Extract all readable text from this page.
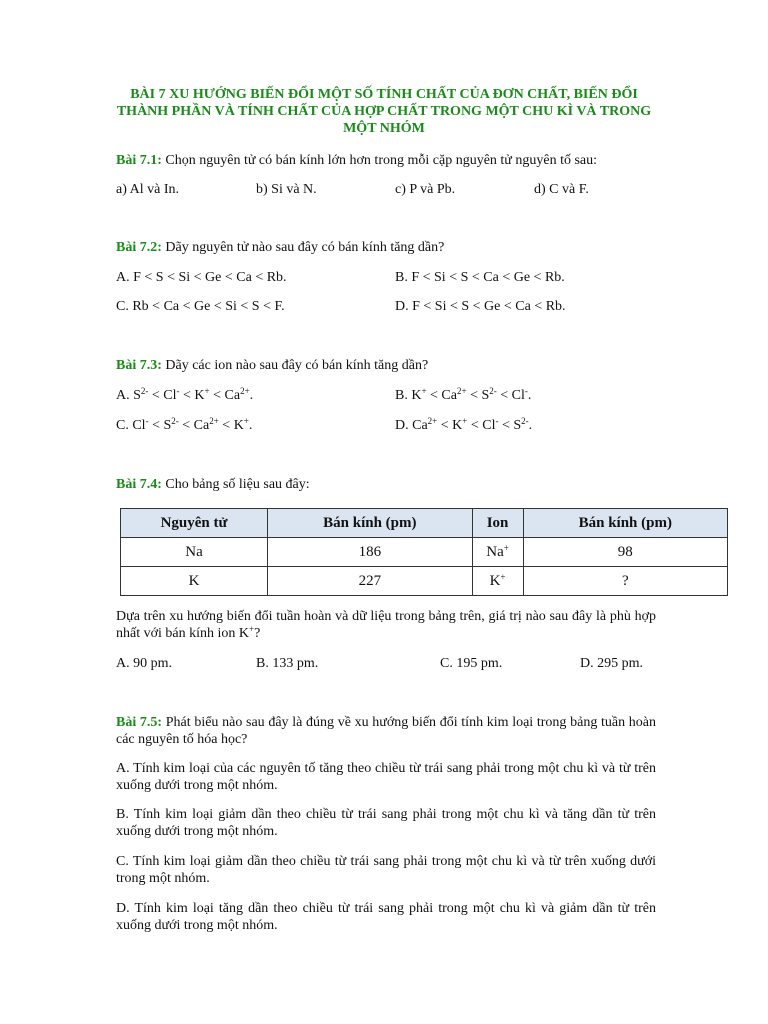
BÀI 7 XU HƯỚNG BIẾN ĐỔI MỘT SỐ TÍNH CHẤT CỦA ĐƠN CHẤT, BIẾN ĐỔI THÀNH PHẦN VÀ TÍNH CHẤT CỦA HỢP CHẤT TRONG MỘT CHU KÌ VÀ TRONG MỘT NHÓM
Bài 7.1: Chọn nguyên tử có bán kính lớn hơn trong mỗi cặp nguyên tử nguyên tố sau:
a) Al và In.	b) Si và N.	c) P và Pb.	d) C và F.
Bài 7.2: Dãy nguyên tử nào sau đây có bán kính tăng dần?
A. F < S < Si < Ge < Ca < Rb.	B. F < Si < S < Ca < Ge < Rb.
C. Rb < Ca < Ge < Si < S < F.	D. F < Si < S < Ge < Ca < Rb.
Bài 7.3: Dãy các ion nào sau đây có bán kính tăng dần?
A. $S^{2-} < Cl^- < K^+ < Ca^{2+}$.	B. $K^+ < Ca^{2+} < S^{2-} < Cl^-$.
C. $Cl^- < S^{2-} < Ca^{2+} < K^+$.	D. $Ca^{2+} < K^+ < Cl^- < S^{2-}$.
Bài 7.4: Cho bảng số liệu sau đây:
Nguyên tử	Bán kính (pm)	Ion	Bán kính (pm)
Na	186	Na+	98
K	227	K+	?
Dựa trên xu hướng biến đổi tuần hoàn và dữ liệu trong bảng trên, giá trị nào sau đây là phù hợp nhất với bán kính ion K+?
A. 90 pm.	B. 133 pm.	C. 195 pm.	D. 295 pm.
Bài 7.5: Phát biểu nào sau đây là đúng về xu hướng biến đổi tính kim loại trong bảng tuần hoàn các nguyên tố hóa học?
A. Tính kim loại của các nguyên tố tăng theo chiều từ trái sang phải trong một chu kì và từ trên xuống dưới trong một nhóm.
B. Tính kim loại giảm dần theo chiều từ trái sang phải trong một chu kì và tăng dần từ trên xuống dưới trong một nhóm.
C. Tính kim loại giảm dần theo chiều từ trái sang phải trong một chu kì và từ trên xuống dưới trong một nhóm.
D. Tính kim loại tăng dần theo chiều từ trái sang phải trong một chu kì và giảm dần từ trên xuống dưới trong một nhóm.
